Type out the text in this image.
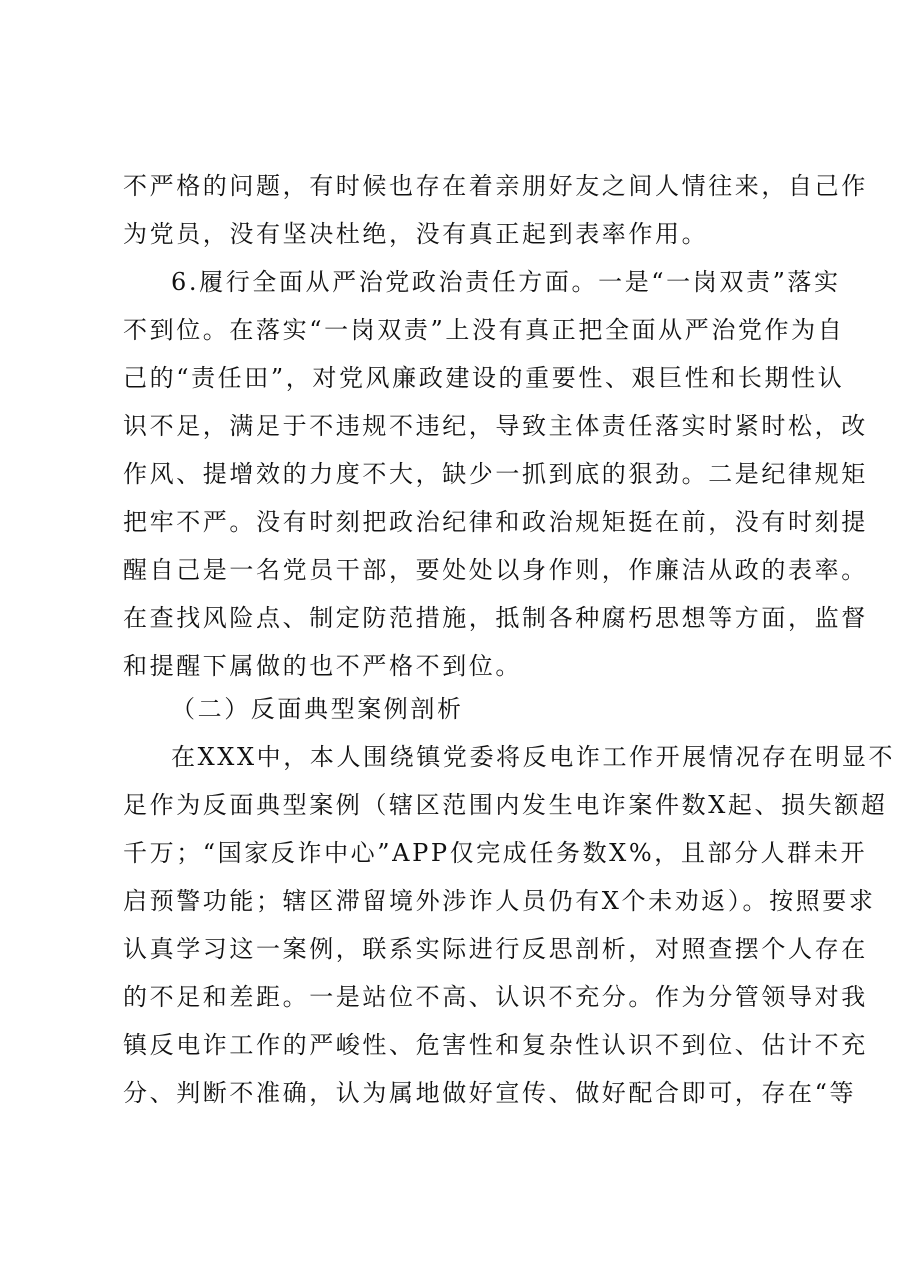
不严格的问题，有时候也存在着亲朋好友之间人情往来，自己作
为党员，没有坚决杜绝，没有真正起到表率作用。
6.履行全面从严治党政治责任方面。一是“一岗双责”落实
不到位。在落实“一岗双责”上没有真正把全面从严治党作为自
己的“责任田”，对党风廉政建设的重要性、艰巨性和长期性认
识不足，满足于不违规不违纪，导致主体责任落实时紧时松，改
作风、提增效的力度不大，缺少一抓到底的狠劲。二是纪律规矩
把牢不严。没有时刻把政治纪律和政治规矩挺在前，没有时刻提
醒自己是一名党员干部，要处处以身作则，作廉洁从政的表率。
在查找风险点、制定防范措施，抵制各种腐朽思想等方面，监督
和提醒下属做的也不严格不到位。
（二）反面典型案例剖析
在XXX中，本人围绕镇党委将反电诈工作开展情况存在明显不
足作为反面典型案例（辖区范围内发生电诈案件数X起、损失额超
千万；“国家反诈中心”APP仅完成任务数X%，且部分人群未开
启预警功能；辖区滞留境外涉诈人员仍有X个未劝返）。按照要求
认真学习这一案例，联系实际进行反思剖析，对照查摆个人存在
的不足和差距。一是站位不高、认识不充分。作为分管领导对我
镇反电诈工作的严峻性、危害性和复杂性认识不到位、估计不充
分、判断不准确，认为属地做好宣传、做好配合即可，存在“等
